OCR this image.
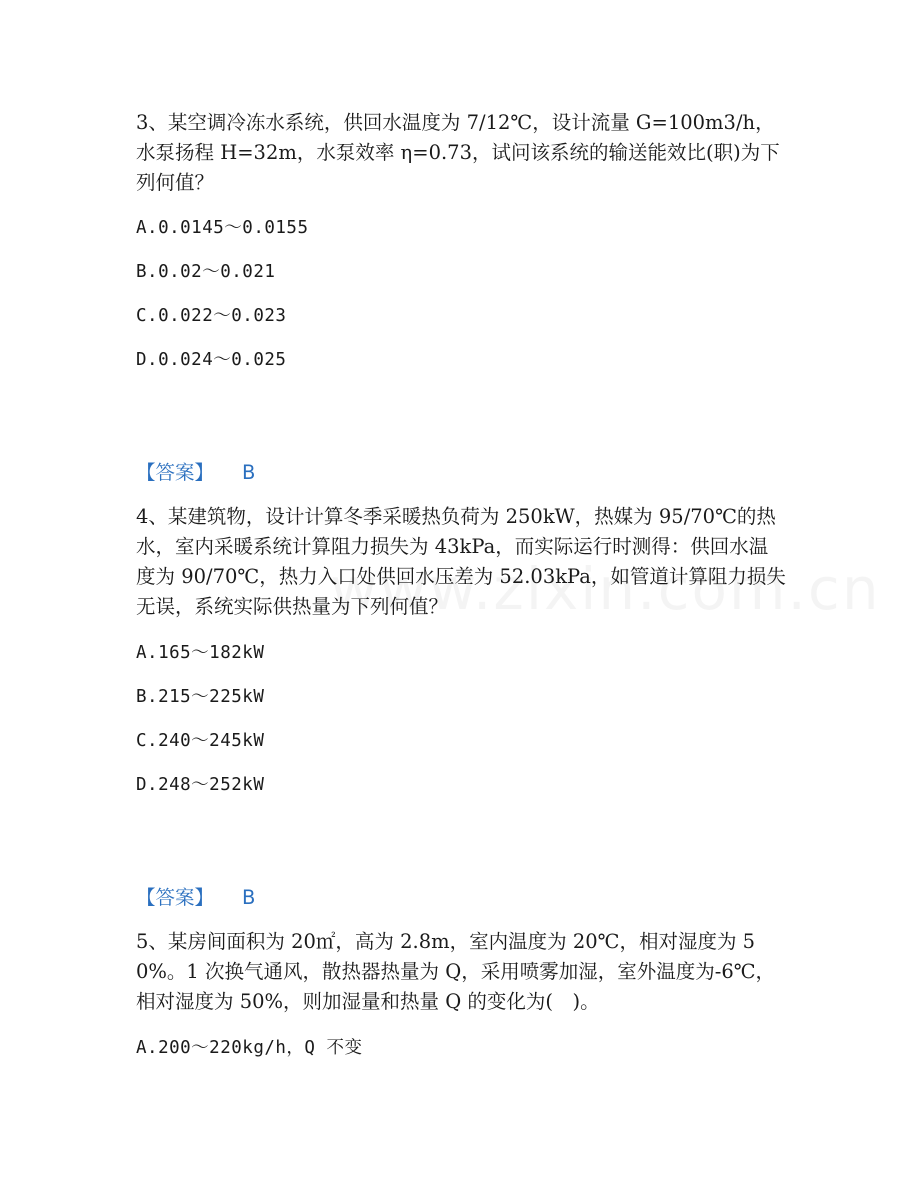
3、某空调冷冻水系统，供回水温度为 7/12℃，设计流量 G=100m3/h，水泵扬程 H=32m，水泵效率 η=0.73，试问该系统的输送能效比(职)为下列何值？

A.0.0145～0.0155
B.0.02～0.021
C.0.022～0.023
D.0.024～0.025
【答案】 B

4、某建筑物，设计计算冬季采暖热负荷为 250kW，热媒为 95/70℃的热水，室内采暖系统计算阻力损失为 43kPa，而实际运行时测得：供回水温度为 90/70℃，热力入口处供回水压差为 52.03kPa，如管道计算阻力损失无误，系统实际供热量为下列何值？

A.165～182kW
B.215～225kW
C.240～245kW
D.248～252kW
【答案】 B

5、某房间面积为 20㎡，高为 2.8m，室内温度为 20℃，相对湿度为 50%。1 次换气通风，散热器热量为 Q，采用喷雾加湿，室外温度为-6℃，相对湿度为 50%，则加湿量和热量 Q 的变化为(　)。

A.200～220kg/h，Q 不变
